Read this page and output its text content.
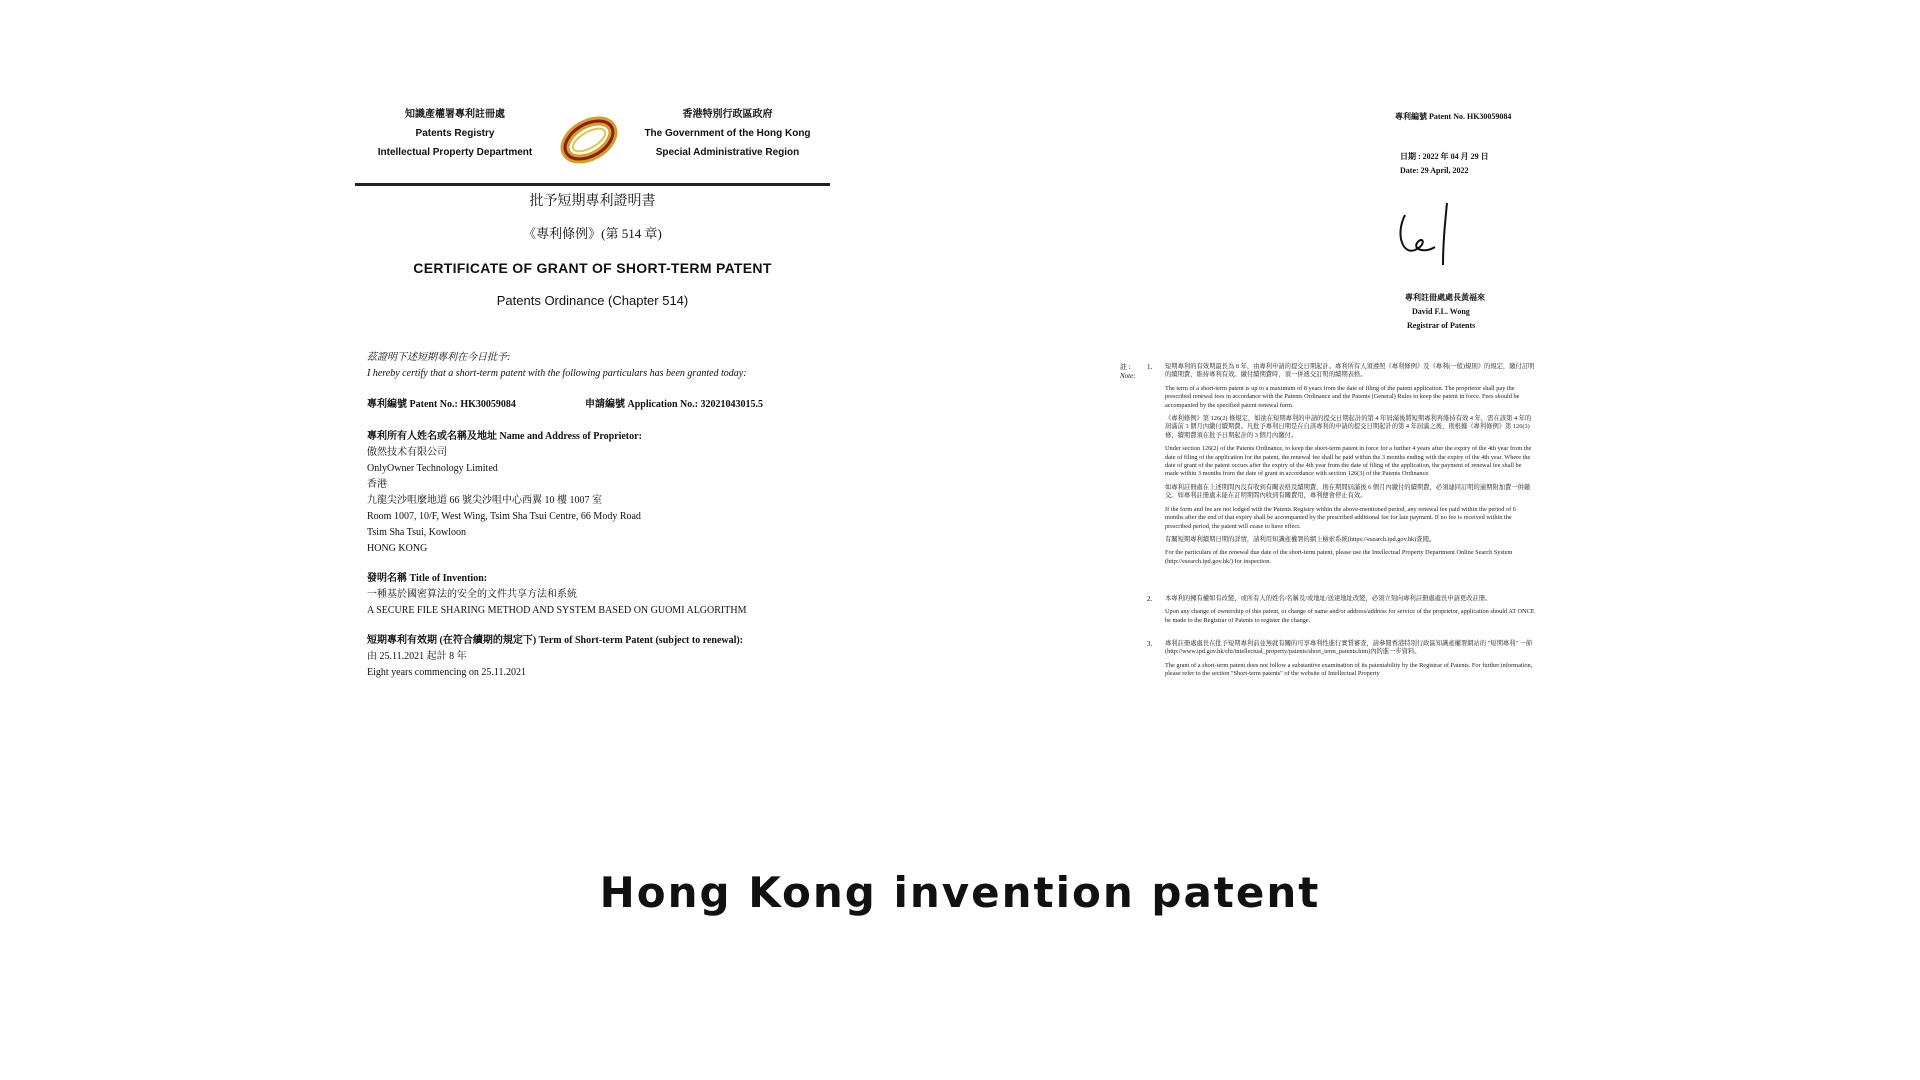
知識產權署專利註冊處
Patents Registry
Intellectual Property Department
香港特別行政區政府
The Government of the Hong Kong
Special Administrative Region
批予短期專利證明書
《專利條例》(第 514 章)
CERTIFICATE OF GRANT OF SHORT-TERM PATENT
Patents Ordinance (Chapter 514)
茲證明下述短期專利在今日批予:
I hereby certify that a short-term patent with the following particulars has been granted today:
專利編號 Patent No.: HK30059084	申請編號 Application No.: 32021043015.5
專利所有人姓名或名稱及地址 Name and Address of Proprietor:
傲然技术有限公司
OnlyOwner Technology Limited
香港
九龍尖沙咀麼地道 66 號尖沙咀中心西翼 10 樓 1007 室
Room 1007, 10/F, West Wing, Tsim Sha Tsui Centre, 66 Mody Road
Tsim Sha Tsui, Kowloon
HONG KONG
發明名稱 Title of Invention:
一種基於國密算法的安全的文件共享方法和系統
A SECURE FILE SHARING METHOD AND SYSTEM BASED ON GUOMI ALGORITHM
短期專利有效期 (在符合續期的規定下) Term of Short-term Patent (subject to renewal):
由 25.11.2021 起計 8 年
Eight years commencing on 25.11.2021
專利編號 Patent No. HK30059084
日期 : 2022 年 04 月 29 日
Date: 29 April, 2022
專利註冊處處長黃福來
David F.L. Wong
Registrar of Patents
註 :
Note:
1. 短期專利的有效期最長為 8 年，由專利申請的提交日期起計。專利所有人須遵照《專利條例》及《專利(一般)規則》的規定，繳付訂明的續期費，維持專利有效。繳付續期費時，須一併遞交訂明的續期表格。

The term of a short-term patent is up to a maximum of 8 years from the date of filing of the patent application. The proprietor shall pay the prescribed renewal fees in accordance with the Patents Ordinance and the Patents (General) Rules to keep the patent in force. Fees should be accompanied by the specified patent renewal form.

《專利條例》第 126(2) 條規定，如欲在短期專利的申請的提交日期起計的第 4 年屆滿後將短期專利再維持有效 4 年，需在該第 4 年的屆滿前 3 個月內繳付續期費。凡批予專利日期是在自該專利的申請的提交日期起計的第 4 年屆滿之後，則根據《專利條例》第 126(3) 條，續期費須在批予日期起計的 3 個月內繳付。

Under section 126(2) of the Patents Ordinance, to keep the short-term patent in force for a further 4 years after the expiry of the 4th year from the date of filing of the application for the patent, the renewal fee shall be paid within the 3 months ending with the expiry of the 4th year. Where the date of grant of the patent occurs after the expiry of the 4th year from the date of filing of the application, the payment of renewal fee shall be made within 3 months from the date of grant in accordance with section 126(3) of the Patents Ordinance.

如專利註冊處在上述期間內沒有收到有關表格及續期費，則在期間屆滿後 6 個月內繳付的續期費，必須連同訂明的逾期附加費一併繳交。如專利註冊處未能在訂明期間內收到有關費用，專利便會停止有效。

If the form and fee are not lodged with the Patents Registry within the above-mentioned period, any renewal fee paid within the period of 6 months after the end of that expiry shall be accompanied by the prescribed additional fee for late payment. If no fee is received within the prescribed period, the patent will cease to have effect.

有關短期專利續期日期的詳情，請利用知識產權署的網上檢索系統(https://esearch.ipd.gov.hk)查閱。

For the particulars of the renewal due date of the short-term patent, please use the Intellectual Property Department Online Search System (http://esearch.ipd.gov.hk/) for inspection.

2. 本專利的擁有權如有改變，或所有人的姓名/名稱及/或地址/送達地址改變，必須立刻向專利註冊處處長申請更改註冊。

Upon any change of ownership of this patent, or change of name and/or address/address for service of the proprietor, application should AT ONCE be made to the Registrar of Patents to register the change.

3. 專利註冊處處長在批予短期專利前並無就有關的可享專利性進行實質審查，請參閱香港特別行政區知識產權署網站的 "短期專利" 一節(http://www.ipd.gov.hk/chi/intellectual_property/patents/short_term_patents.htm)內的進一步資料。

The grant of a short-term patent does not follow a substantive examination of its patentability by the Registrar of Patents. For further information, please refer to the section "Short-term patents" of the website of Intellectual Property

Hong Kong invention patent
